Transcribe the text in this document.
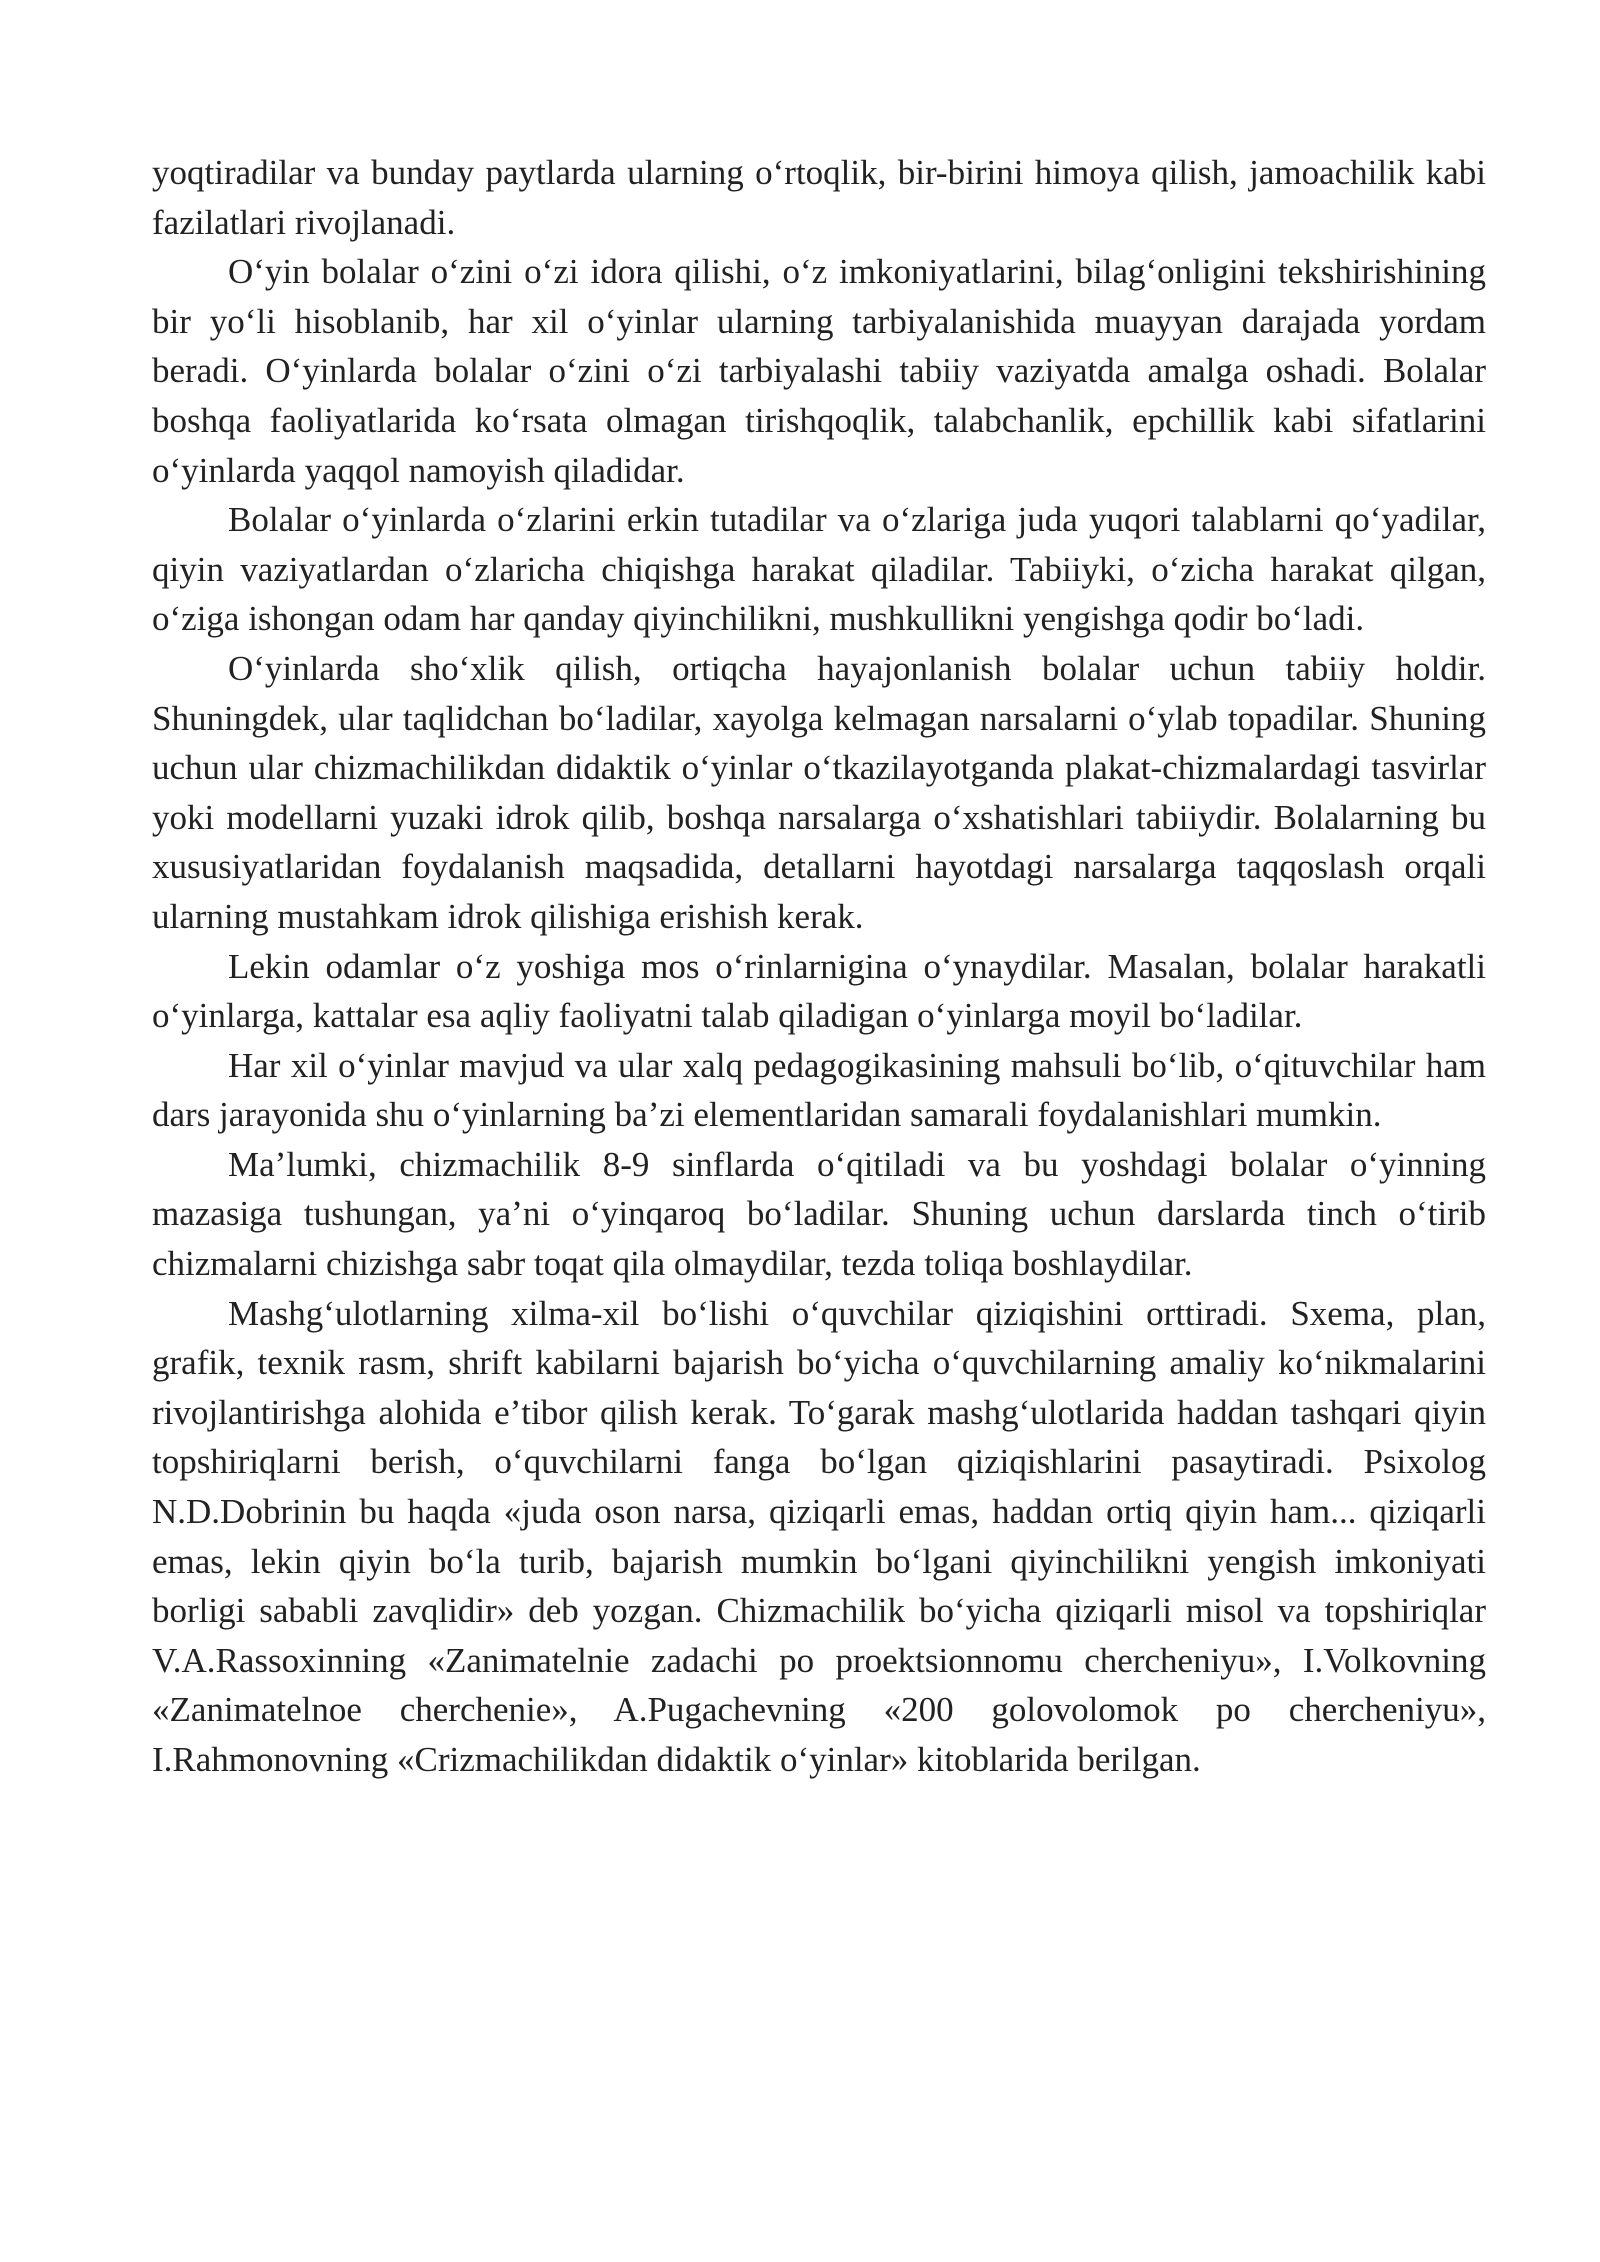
yoqtiradilar va bunday paytlarda ularning oʻrtoqlik, bir-birini himoya qilish, jamoachilik kabi fazilatlari rivojlanadi.

Oʻyin bolalar oʻzini oʻzi idora qilishi, oʻz imkoniyatlarini, bilagʻonligini tekshirishining bir yoʻli hisoblanib, har xil oʻyinlar ularning tarbiyalanishida muayyan darajada yordam beradi. Oʻyinlarda bolalar oʻzini oʻzi tarbiyalashi tabiiy vaziyatda amalga oshadi. Bolalar boshqa faoliyatlarida koʻrsata olmagan tirishqoqlik, talabchanlik, epchillik kabi sifatlarini oʻyinlarda yaqqol namoyish qiladidar.

Bolalar oʻyinlarda oʻzlarini erkin tutadilar va oʻzlariga juda yuqori talablarni qoʻyadilar, qiyin vaziyatlardan oʻzlaricha chiqishga harakat qiladilar. Tabiiyki, oʻzicha harakat qilgan, oʻziga ishongan odam har qanday qiyinchilikni, mushkullikni yengishga qodir boʻladi.

Oʻyinlarda shoʻxlik qilish, ortiqcha hayajonlanish bolalar uchun tabiiy holdir. Shuningdek, ular taqlidchan boʻladilar, xayolga kelmagan narsalarni oʻylab topadilar. Shuning uchun ular chizmachilikdan didaktik oʻyinlar oʻtkazilayotganda plakat-chizmalardagi tasvirlar yoki modellarni yuzaki idrok qilib, boshqa narsalarga oʻxshatishlari tabiiydir. Bolalarning bu xususiyatlaridan foydalanish maqsadida, detallarni hayotdagi narsalarga taqqoslash orqali ularning mustahkam idrok qilishiga erishish kerak.

Lekin odamlar oʻz yoshiga mos oʻrinlarnigina oʻynaydilar. Masalan, bolalar harakatli oʻyinlarga, kattalar esa aqliy faoliyatni talab qiladigan oʻyinlarga moyil boʻladilar.

Har xil oʻyinlar mavjud va ular xalq pedagogikasining mahsuli boʻlib, oʻqituvchilar ham dars jarayonida shu oʻyinlarning baʼzi elementlaridan samarali foydalanishlari mumkin.

Maʼlumki, chizmachilik 8-9 sinflarda oʻqitiladi va bu yoshdagi bolalar oʻyinning mazasiga tushungan, yaʼni oʻyinqaroq boʻladilar. Shuning uchun darslarda tinch oʻtirib chizmalarni chizishga sabr toqat qila olmaydilar, tezda toliqa boshlaydilar.

Mashgʻulotlarning xilma-xil boʻlishi oʻquvchilar qiziqishini orttiradi. Sxema, plan, grafik, texnik rasm, shrift kabilarni bajarish boʻyicha oʻquvchilarning amaliy koʻnikmalarini rivojlantirishga alohida eʼtibor qilish kerak. Toʻgarak mashgʻulotlarida haddan tashqari qiyin topshiriqlarni berish, oʻquvchilarni fanga boʻlgan qiziqishlarini pasaytiradi. Psixolog N.D.Dobrinin bu haqda «juda oson narsa, qiziqarli emas, haddan ortiq qiyin ham... qiziqarli emas, lekin qiyin boʻla turib, bajarish mumkin boʻlgani qiyinchilikni yengish imkoniyati borligi sababli zavqlidir» deb yozgan. Chizmachilik boʻyicha qiziqarli misol va topshiriqlar V.A.Rassoxinning «Zanimatelnie zadachi po proektsionnomu chercheniyu», I.Volkovning «Zanimatelnoe cherchenie», A.Pugachevning «200 golovolomok po chercheniyu», I.Rahmonovning «Crizmachilikdan didaktik oʻyinlar» kitoblarida berilgan.
